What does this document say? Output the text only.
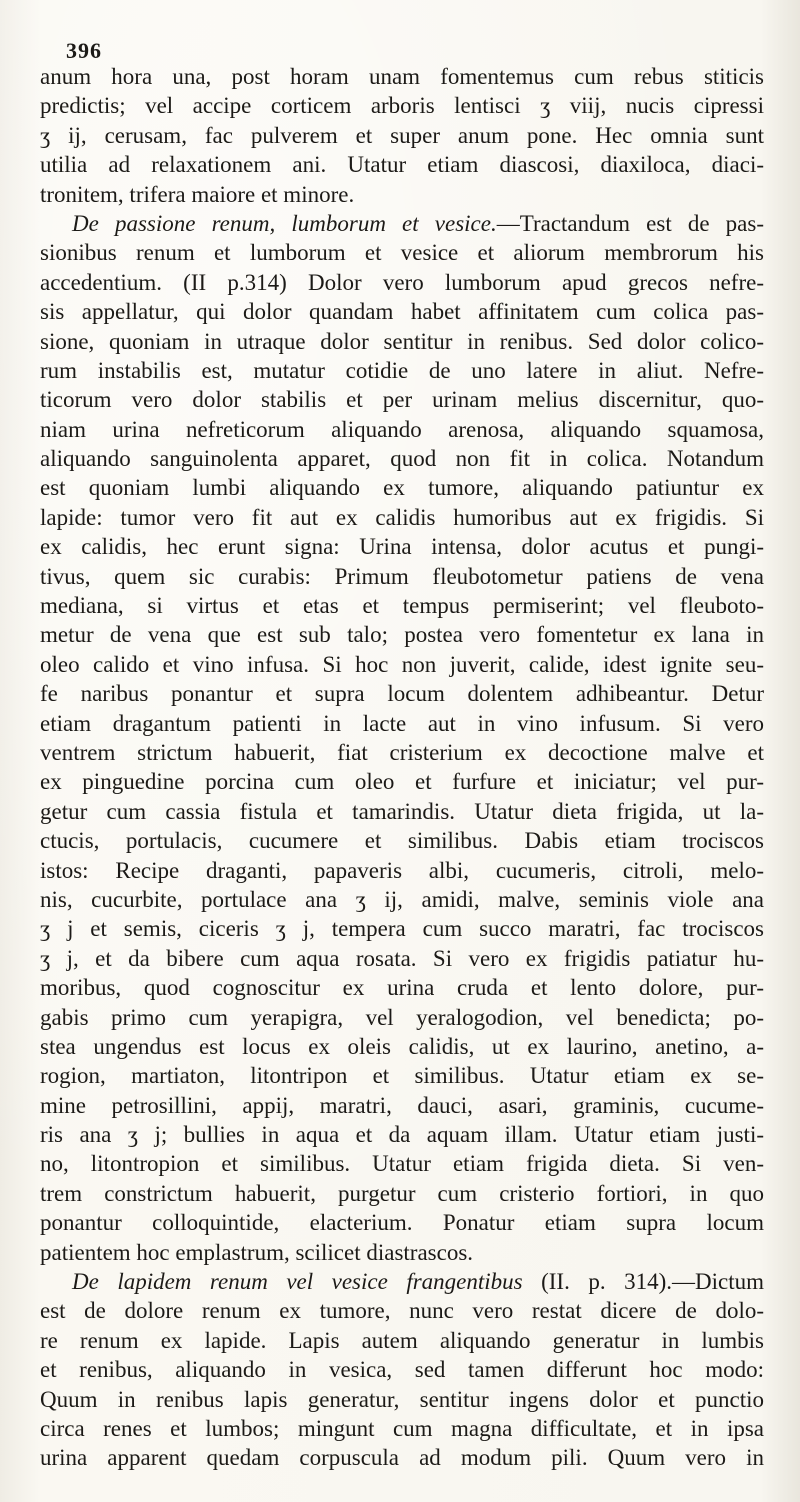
396
anum hora una, post horam unam fomentemus cum rebus stiticis
predictis; vel accipe corticem arboris lentisci ʒ viij, nucis cipressi
ʒ ij, cerusam, fac pulverem et super anum pone. Hec omnia sunt
utilia ad relaxationem ani. Utatur etiam diascosi, diaxiloca, diaci-
tronitem, trifera maiore et minore.
De passione renum, lumborum et vesice.—Tractandum est de pas-
sionibus renum et lumborum et vesice et aliorum membrorum his
accedentium. (II p.314) Dolor vero lumborum apud grecos nefre-
sis appellatur, qui dolor quandam habet affinitatem cum colica pas-
sione, quoniam in utraque dolor sentitur in renibus. Sed dolor colico-
rum instabilis est, mutatur cotidie de uno latere in aliut. Nefre-
ticorum vero dolor stabilis et per urinam melius discernitur, quo-
niam urina nefreticorum aliquando arenosa, aliquando squamosa,
aliquando sanguinolenta apparet, quod non fit in colica. Notandum
est quoniam lumbi aliquando ex tumore, aliquando patiuntur ex
lapide: tumor vero fit aut ex calidis humoribus aut ex frigidis. Si
ex calidis, hec erunt signa: Urina intensa, dolor acutus et pungi-
tivus, quem sic curabis: Primum fleubotometur patiens de vena
mediana, si virtus et etas et tempus permiserint; vel fleuboto-
metur de vena que est sub talo; postea vero fomentetur ex lana in
oleo calido et vino infusa. Si hoc non juverit, calide, idest ignite seu-
fe naribus ponantur et supra locum dolentem adhibeantur. Detur
etiam dragantum patienti in lacte aut in vino infusum. Si vero
ventrem strictum habuerit, fiat cristerium ex decoctione malve et
ex pinguedine porcina cum oleo et furfure et iniciatur; vel pur-
getur cum cassia fistula et tamarindis. Utatur dieta frigida, ut la-
ctucis, portulacis, cucumere et similibus. Dabis etiam trociscos
istos: Recipe draganti, papaveris albi, cucumeris, citroli, melo-
nis, cucurbite, portulace ana ʒ ij, amidi, malve, seminis viole ana
ʒ j et semis, ciceris ʒ j, tempera cum succo maratri, fac trociscos
ʒ j, et da bibere cum aqua rosata. Si vero ex frigidis patiatur hu-
moribus, quod cognoscitur ex urina cruda et lento dolore, pur-
gabis primo cum yerapigra, vel yeralogodion, vel benedicta; po-
stea ungendus est locus ex oleis calidis, ut ex laurino, anetino, a-
rogion, martiaton, litontripon et similibus. Utatur etiam ex se-
mine petrosillini, appij, maratri, dauci, asari, graminis, cucume-
ris ana ʒ j; bullies in aqua et da aquam illam. Utatur etiam justi-
no, litontropion et similibus. Utatur etiam frigida dieta. Si ven-
trem constrictum habuerit, purgetur cum cristerio fortiori, in quo
ponantur colloquintide, elacterium. Ponatur etiam supra locum
patientem hoc emplastrum, scilicet diastrascos.
De lapidem renum vel vesice frangentibus (II. p. 314).—Dictum
est de dolore renum ex tumore, nunc vero restat dicere de dolo-
re renum ex lapide. Lapis autem aliquando generatur in lumbis
et renibus, aliquando in vesica, sed tamen differunt hoc modo:
Quum in renibus lapis generatur, sentitur ingens dolor et punctio
circa renes et lumbos; mingunt cum magna difficultate, et in ipsa
urina apparent quedam corpuscula ad modum pili. Quum vero in
